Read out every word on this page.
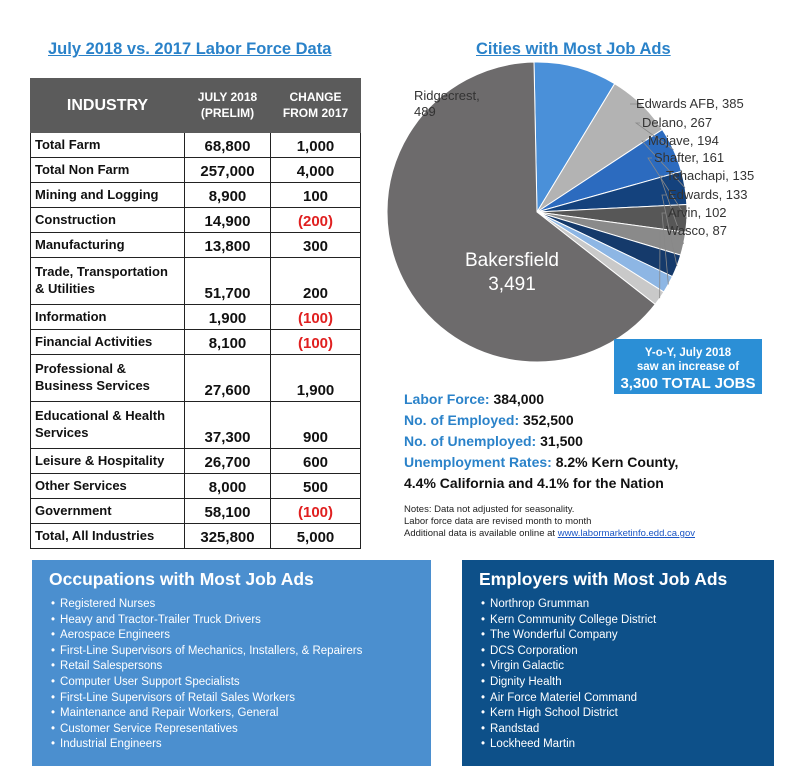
July 2018 vs. 2017 Labor Force Data
INDUSTRY	JULY 2018 (PRELIM)	CHANGE FROM 2017
Total Farm	68,800	1,000
Total Non Farm	257,000	4,000
Mining and Logging	8,900	100
Construction	14,900	(200)
Manufacturing	13,800	300
Trade, Transportation & Utilities	51,700	200
Information	1,900	(100)
Financial Activities	8,100	(100)
Professional & Business Services	27,600	1,900
Educational & Health Services	37,300	900
Leisure & Hospitality	26,700	600
Other Services	8,000	500
Government	58,100	(100)
Total, All Industries	325,800	5,000
Cities with Most Job Ads
Edwards AFB, 385
Delano, 267
Mojave, 194
Shafter, 161
Tehachapi, 135
Edwards, 133
Arvin, 102
Wasco, 87
Ridgecrest,
489
Bakersfield
3,491
Y-o-Y, July 2018
saw an increase of
3,300 TOTAL JOBS
Labor Force: 384,000
No. of Employed: 352,500
No. of Unemployed: 31,500
Unemployment Rates: 8.2% Kern County,
4.4% California and 4.1% for the Nation
Notes: Data not adjusted for seasonality.
Labor force data are revised month to month
Additional data is available online at www.labormarketinfo.edd.ca.gov
Occupations with Most Job Ads
• Registered Nurses
• Heavy and Tractor-Trailer Truck Drivers
• Aerospace Engineers
• First-Line Supervisors of Mechanics, Installers, & Repairers
• Retail Salespersons
• Computer User Support Specialists
• First-Line Supervisors of Retail Sales Workers
• Maintenance and Repair Workers, General
• Customer Service Representatives
• Industrial Engineers
Employers with Most Job Ads
• Northrop Grumman
• Kern Community College District
• The Wonderful Company
• DCS Corporation
• Virgin Galactic
• Dignity Health
• Air Force Materiel Command
• Kern High School District
• Randstad
• Lockheed Martin
